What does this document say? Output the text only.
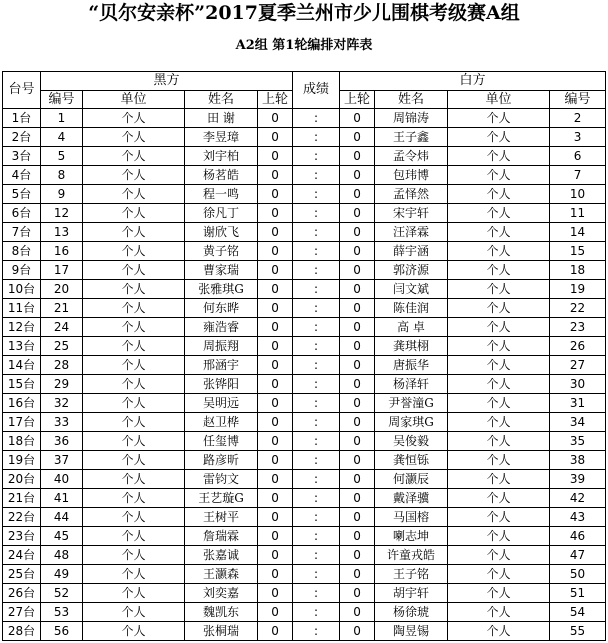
“贝尔安亲杯”2017夏季兰州市少儿围棋考级赛A组
A2组 第1轮编排对阵表
台号	黑方				成绩	白方			
	编号	单位	姓名	上轮		上轮	姓名	单位	编号
1台	1	个人	田 谢	0	:	0	周锦涛	个人	2
2台	4	个人	李昱璋	0	:	0	王子鑫	个人	3
3台	5	个人	刘宇柏	0	:	0	孟令炜	个人	6
4台	8	个人	杨茗皓	0	:	0	包玮博	个人	7
5台	9	个人	程一鸣	0	:	0	孟怿然	个人	10
6台	12	个人	徐凡丁	0	:	0	宋宇轩	个人	11
7台	13	个人	谢欣飞	0	:	0	汪泽霖	个人	14
8台	16	个人	黄子铭	0	:	0	薛宇涵	个人	15
9台	17	个人	曹家瑞	0	:	0	郭济源	个人	18
10台	20	个人	张雅琪G	0	:	0	闫文斌	个人	19
11台	21	个人	何东晔	0	:	0	陈佳润	个人	22
12台	24	个人	雍浩睿	0	:	0	高 卓	个人	23
13台	25	个人	周振翔	0	:	0	龚琪栩	个人	26
14台	28	个人	邢涵宇	0	:	0	唐振华	个人	27
15台	29	个人	张铧阳	0	:	0	杨泽轩	个人	30
16台	32	个人	吴明远	0	:	0	尹誉潼G	个人	31
17台	33	个人	赵卫桦	0	:	0	周家琪G	个人	34
18台	36	个人	任玺博	0	:	0	吴俊毅	个人	35
19台	37	个人	路彦昕	0	:	0	龚恒铄	个人	38
20台	40	个人	雷钧文	0	:	0	何灏辰	个人	39
21台	41	个人	王艺璇G	0	:	0	戴泽骥	个人	42
22台	44	个人	王树平	0	:	0	马国榕	个人	43
23台	45	个人	詹瑞霖	0	:	0	喇志坤	个人	46
24台	48	个人	张嘉诚	0	:	0	许童戎皓	个人	47
25台	49	个人	王灏森	0	:	0	王子铭	个人	50
26台	52	个人	刘奕嘉	0	:	0	胡宇轩	个人	51
27台	53	个人	魏凯东	0	:	0	杨徐琥	个人	54
28台	56	个人	张桐瑞	0	:	0	陶昱锡	个人	55
